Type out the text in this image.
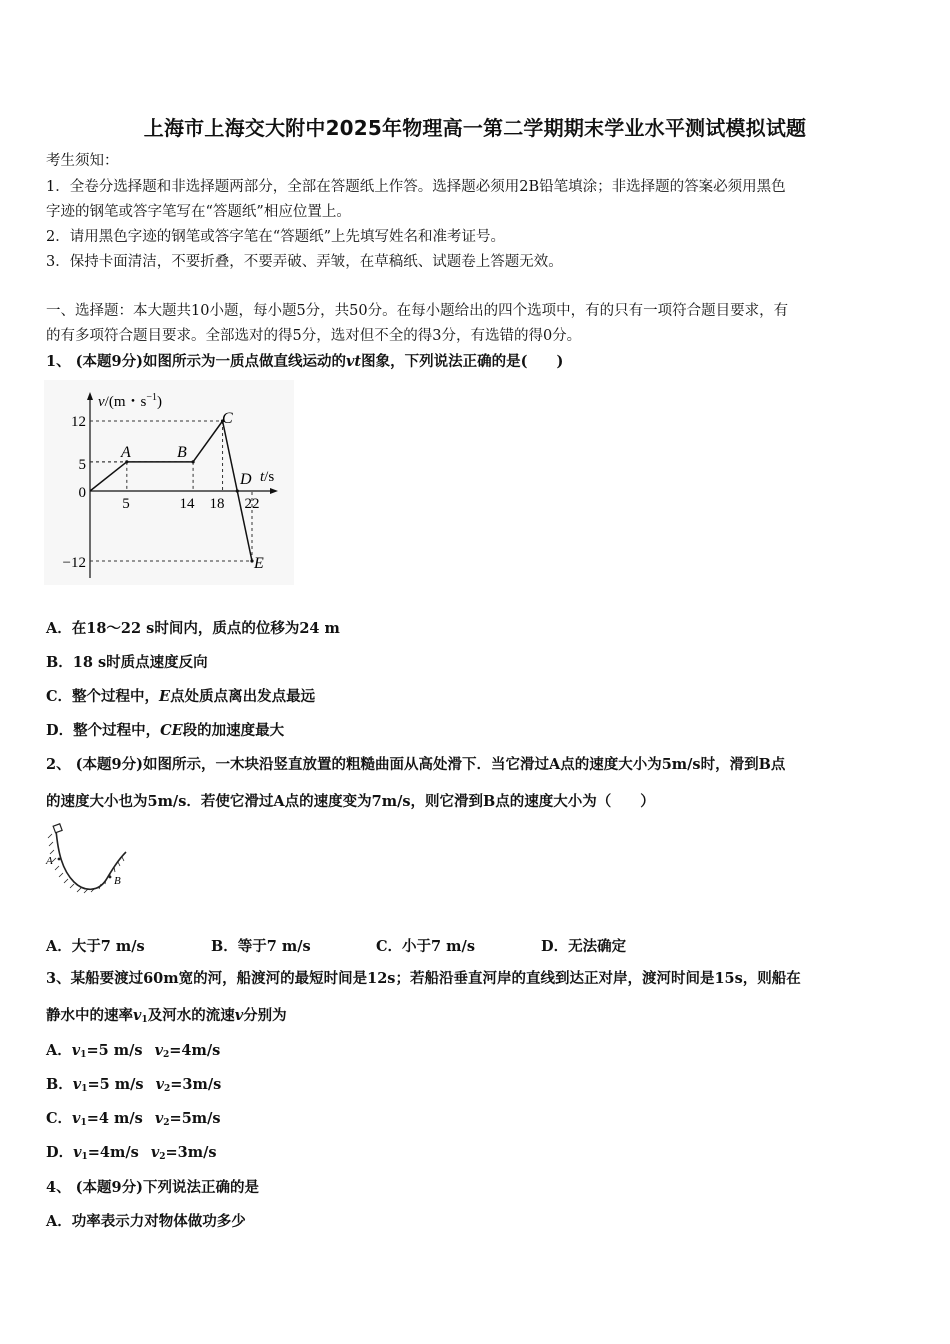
上海市上海交大附中2025年物理高一第二学期期末学业水平测试模拟试题
考生须知：
1．全卷分选择题和非选择题两部分，全部在答题纸上作答。选择题必须用2B铅笔填涂；非选择题的答案必须用黑色
字迹的钢笔或答字笔写在“答题纸”相应位置上。
2．请用黑色字迹的钢笔或答字笔在“答题纸”上先填写姓名和准考证号。
3．保持卡面清洁，不要折叠，不要弄破、弄皱，在草稿纸、试题卷上答题无效。
一、选择题：本大题共10小题，每小题5分，共50分。在每小题给出的四个选项中，有的只有一项符合题目要求，有
的有多项符合题目要求。全部选对的得5分，选对但不全的得3分，有选错的得0分。
1、 (本题9分)如图所示为一质点做直线运动的vt图象，下列说法正确的是(　　)
v/(m・$s^{-1}$)
t/s
12
5
0
−12
5	14 18 22
A	B
C
D
E
A．在18～22 s时间内，质点的位移为24 m
B．18 s时质点速度反向
C．整个过程中，E点处质点离出发点最远
D．整个过程中，CE段的加速度最大
2、 (本题9分)如图所示，一木块沿竖直放置的粗糙曲面从高处滑下．当它滑过A点的速度大小为5m/s时，滑到B点
的速度大小也为5m/s．若使它滑过A点的速度变为7m/s，则它滑到B点的速度大小为（　　）
A
B
A．大于7 m/s	B．等于7 m/s	C．小于7 m/s	D．无法确定
3、某船要渡过60m宽的河，船渡河的最短时间是12s；若船沿垂直河岸的直线到达正对岸，渡河时间是15s，则船在
静水中的速率$v_1$及河水的流速v分别为
A．$v_1=5$ m/s $v_2=4m/s$
B．$v_1=5$ m/s $v_2=3m/s$
C．$v_1=4$ m/s $v_2=5m/s$
D．$v_1=4m/s$ $v_2=3m/s$
4、 (本题9分)下列说法正确的是
A．功率表示力对物体做功多少
